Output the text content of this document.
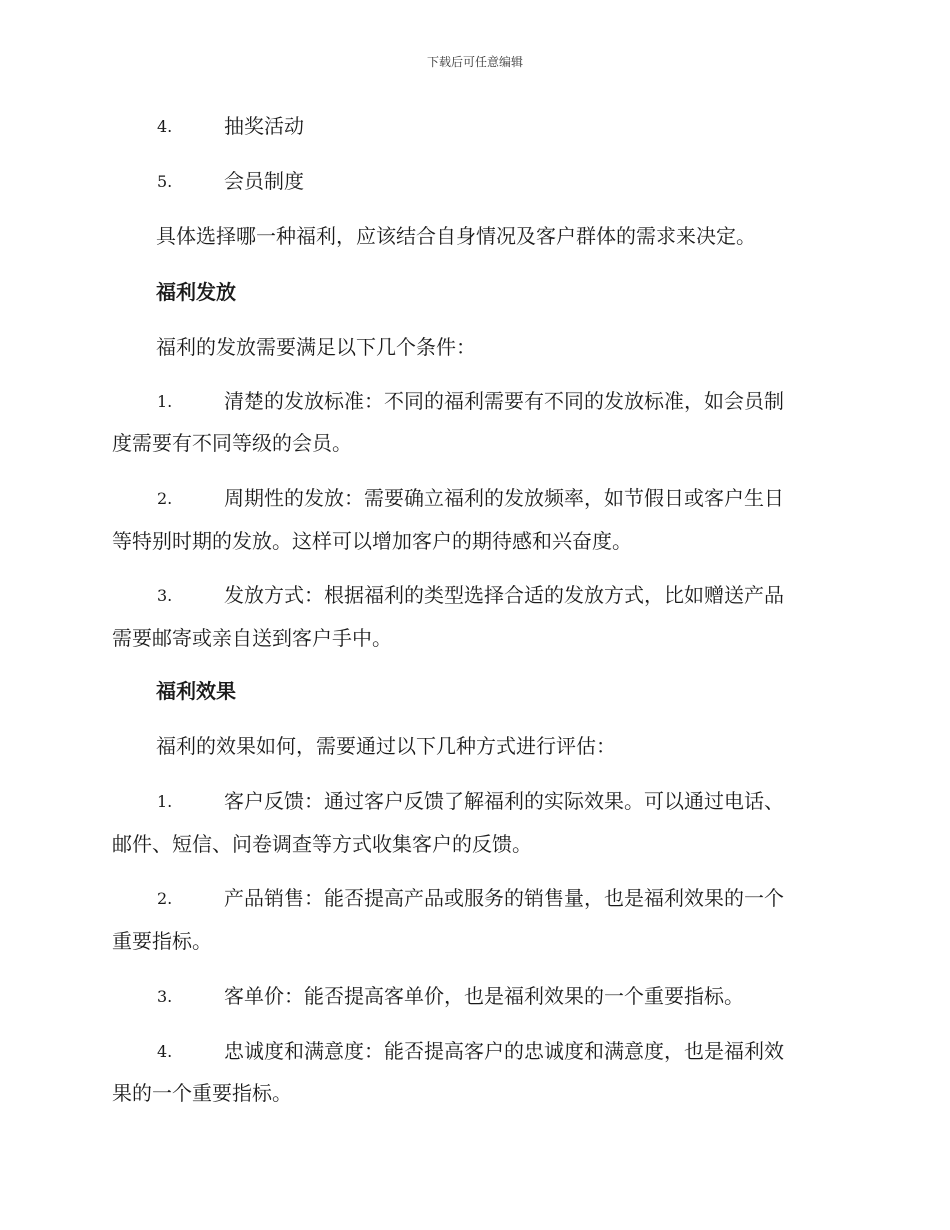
下载后可任意编辑
4.	抽奖活动
5.	会员制度
具体选择哪一种福利，应该结合自身情况及客户群体的需求来决定。
福利发放
福利的发放需要满足以下几个条件：
1.	清楚的发放标准：不同的福利需要有不同的发放标准，如会员制
度需要有不同等级的会员。
2.	周期性的发放：需要确立福利的发放频率，如节假日或客户生日
等特别时期的发放。这样可以增加客户的期待感和兴奋度。
3.	发放方式：根据福利的类型选择合适的发放方式，比如赠送产品
需要邮寄或亲自送到客户手中。
福利效果
福利的效果如何，需要通过以下几种方式进行评估：
1.	客户反馈：通过客户反馈了解福利的实际效果。可以通过电话、
邮件、短信、问卷调查等方式收集客户的反馈。
2.	产品销售：能否提高产品或服务的销售量，也是福利效果的一个
重要指标。
3.	客单价：能否提高客单价，也是福利效果的一个重要指标。
4.	忠诚度和满意度：能否提高客户的忠诚度和满意度，也是福利效
果的一个重要指标。
